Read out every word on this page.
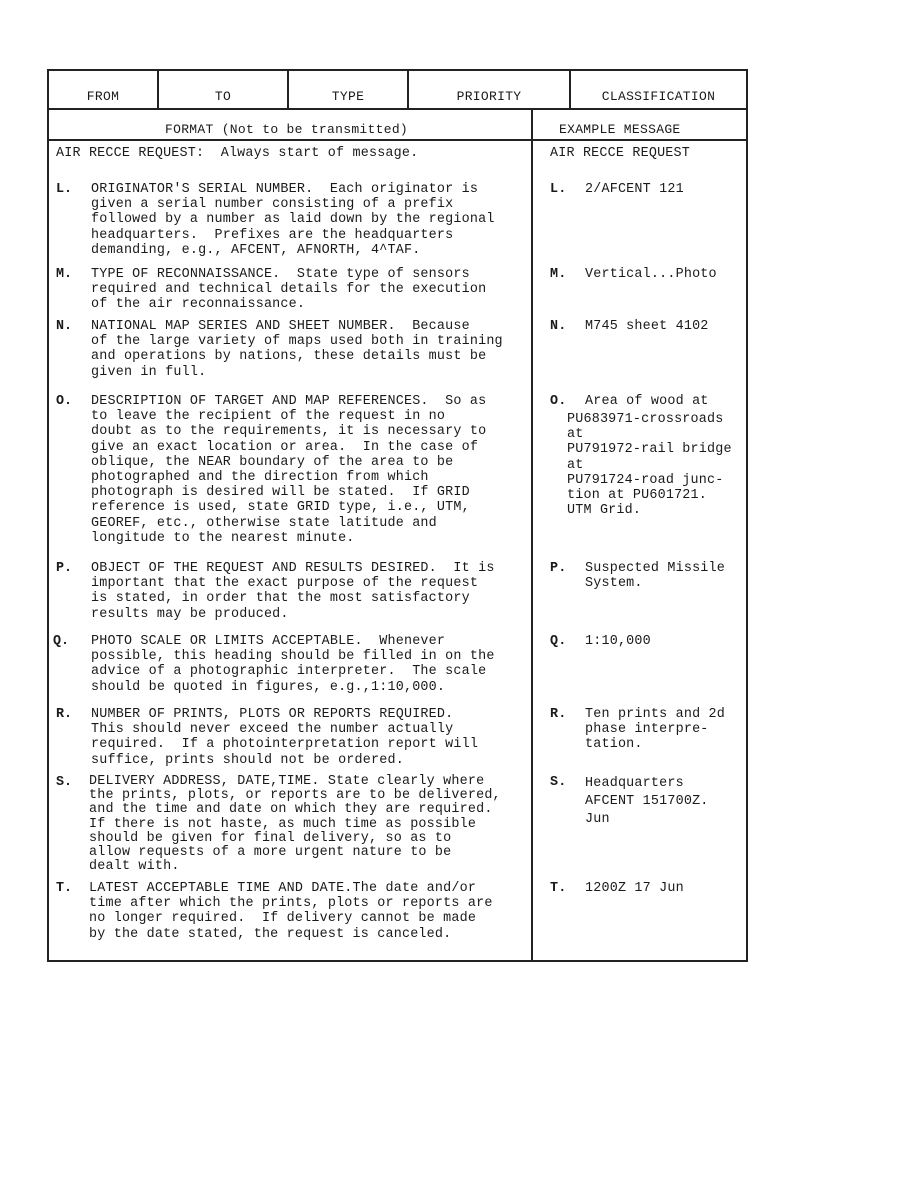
FROM	TO	TYPE	PRIORITY	CLASSIFICATION
FORMAT (Not to be transmitted)	EXAMPLE MESSAGE
AIR RECCE REQUEST:  Always start of message.	AIR RECCE REQUEST
L. ORIGINATOR'S SERIAL NUMBER.  Each originator is
given a serial number consisting of a prefix
followed by a number as laid down by the regional
headquarters.  Prefixes are the headquarters
demanding, e.g., AFCENT, AFNORTH, 4^TAF.
L. 2/AFCENT 121
M. TYPE OF RECONNAISSANCE.  State type of sensors
required and technical details for the execution
of the air reconnaissance.
M. Vertical...Photo
N. NATIONAL MAP SERIES AND SHEET NUMBER.  Because
of the large variety of maps used both in training
and operations by nations, these details must be
given in full.
N. M745 sheet 4102
O. DESCRIPTION OF TARGET AND MAP REFERENCES.  So as
to leave the recipient of the request in no
doubt as to the requirements, it is necessary to
give an exact location or area.  In the case of
oblique, the NEAR boundary of the area to be
photographed and the direction from which
photograph is desired will be stated.  If GRID
reference is used, state GRID type, i.e., UTM,
GEOREF, etc., otherwise state latitude and
longitude to the nearest minute.
O. Area of wood at
PU683971-crossroads
at
PU791972-rail bridge
at
PU791724-road junc-
tion at PU601721.
UTM Grid.
P. OBJECT OF THE REQUEST AND RESULTS DESIRED.  It is
important that the exact purpose of the request
is stated, in order that the most satisfactory
results may be produced.
P. Suspected Missile
System.
Q. PHOTO SCALE OR LIMITS ACCEPTABLE.  Whenever
possible, this heading should be filled in on the
advice of a photographic interpreter.  The scale
should be quoted in figures, e.g.,1:10,000.
Q. 1:10,000
R. NUMBER OF PRINTS, PLOTS OR REPORTS REQUIRED.
This should never exceed the number actually
required.  If a photointerpretation report will
suffice, prints should not be ordered.
R. Ten prints and 2d
phase interpre-
tation.
S. DELIVERY ADDRESS, DATE,TIME. State clearly where
the prints, plots, or reports are to be delivered,
and the time and date on which they are required.
If there is not haste, as much time as possible
should be given for final delivery, so as to
allow requests of a more urgent nature to be
dealt with.
S. Headquarters
AFCENT 151700Z.
Jun
T. LATEST ACCEPTABLE TIME AND DATE.The date and/or
time after which the prints, plots or reports are
no longer required.  If delivery cannot be made
by the date stated, the request is canceled.
T. 1200Z 17 Jun
